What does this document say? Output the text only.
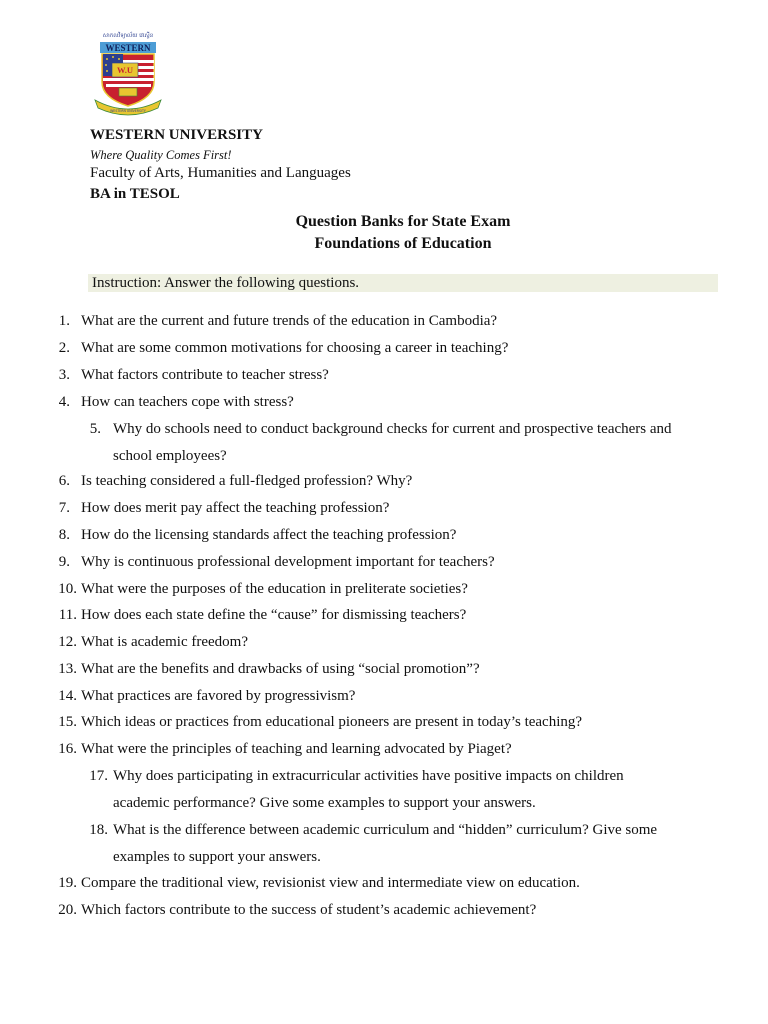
សាកលវិទ្យាល័យ វេស្ទើន
WESTERN
W.U
WESTERN UNIVERSITY
WESTERN UNIVERSITY
Where Quality Comes First!
Faculty of Arts, Humanities and Languages
BA in TESOL
Question Banks for State Exam
Foundations of Education
Instruction: Answer the following questions.
1. What are the current and future trends of the education in Cambodia?
2. What are some common motivations for choosing a career in teaching?
3. What factors contribute to teacher stress?
4. How can teachers cope with stress?
5. Why do schools need to conduct background checks for current and prospective teachers and school employees?
6. Is teaching considered a full-fledged profession? Why?
7. How does merit pay affect the teaching profession?
8. How do the licensing standards affect the teaching profession?
9. Why is continuous professional development important for teachers?
10. What were the purposes of the education in preliterate societies?
11. How does each state define the “cause” for dismissing teachers?
12. What is academic freedom?
13. What are the benefits and drawbacks of using “social promotion”?
14. What practices are favored by progressivism?
15. Which ideas or practices from educational pioneers are present in today’s teaching?
16. What were the principles of teaching and learning advocated by Piaget?
17. Why does participating in extracurricular activities have positive impacts on children academic performance? Give some examples to support your answers.
18. What is the difference between academic curriculum and “hidden” curriculum? Give some examples to support your answers.
19. Compare the traditional view, revisionist view and intermediate view on education.
20. Which factors contribute to the success of student’s academic achievement?
